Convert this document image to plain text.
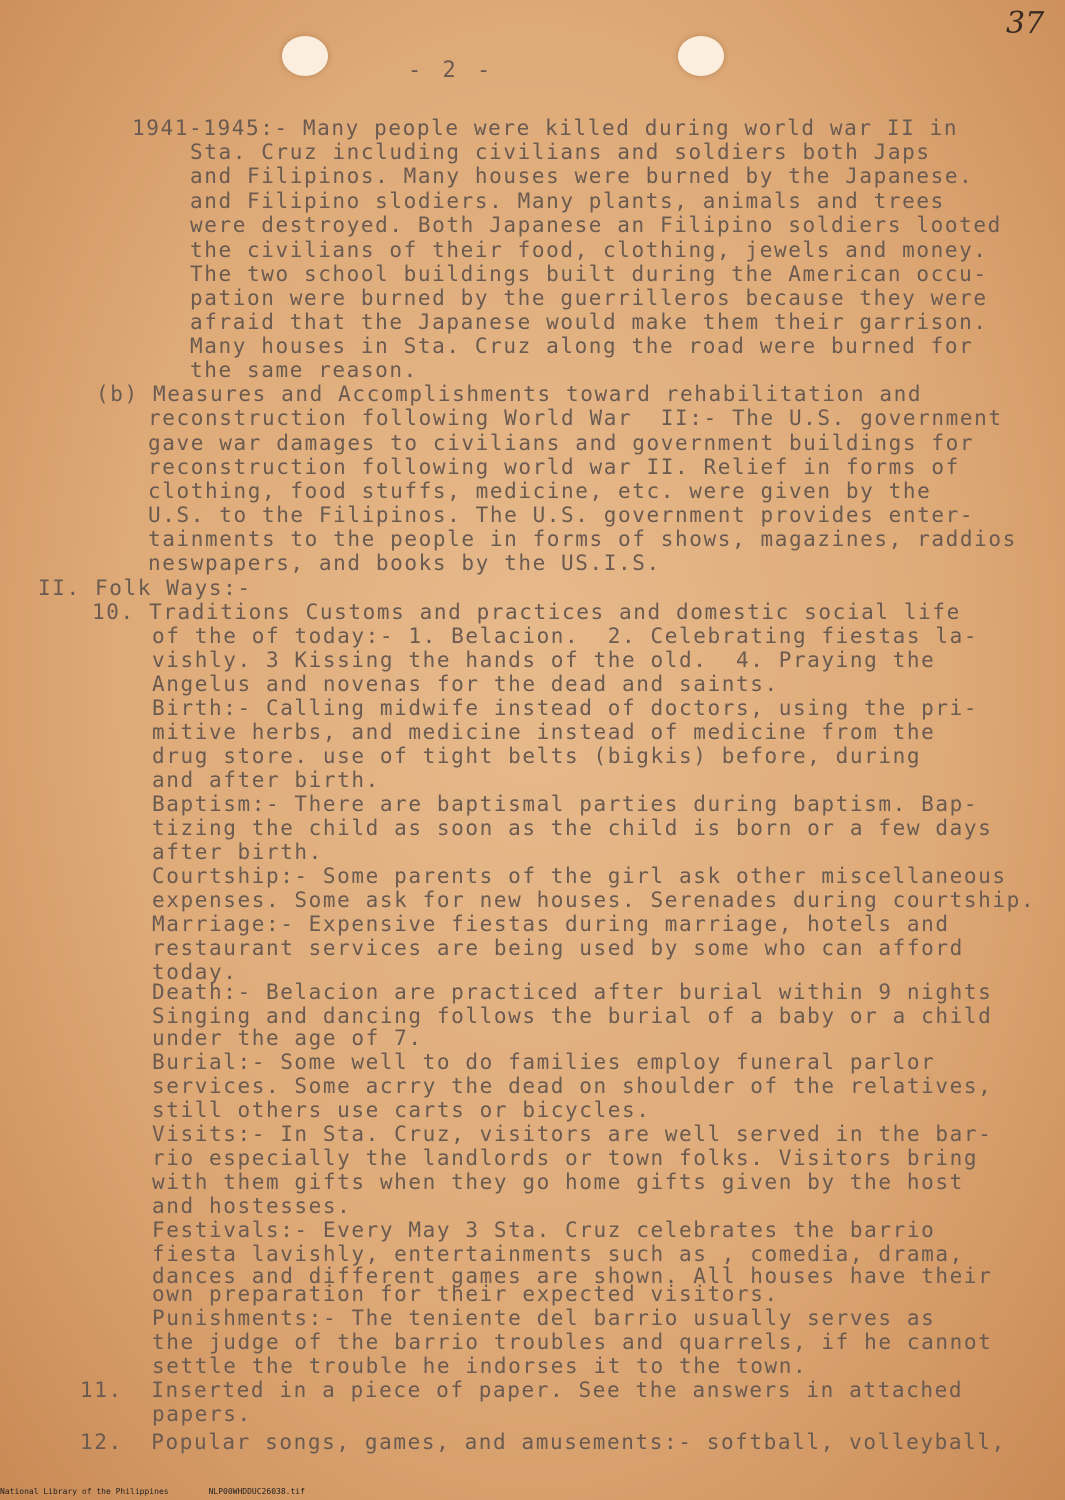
37
- 2 -
1941-1945:- Many people were killed during world war II in
Sta. Cruz including civilians and soldiers both Japs
and Filipinos. Many houses were burned by the Japanese.
and Filipino slodiers. Many plants, animals and trees
were destroyed. Both Japanese an Filipino soldiers looted
the civilians of their food, clothing, jewels and money.
The two school buildings built during the American occu-
pation were burned by the guerrilleros because they were
afraid that the Japanese would make them their garrison.
Many houses in Sta. Cruz along the road were burned for
the same reason.
(b) Measures and Accomplishments toward rehabilitation and
reconstruction following World War  II:- The U.S. government
gave war damages to civilians and government buildings for
reconstruction following world war II. Relief in forms of
clothing, food stuffs, medicine, etc. were given by the
U.S. to the Filipinos. The U.S. government provides enter-
tainments to the people in forms of shows, magazines, raddios
neswpapers, and books by the US.I.S.
II. Folk Ways:-
10. Traditions Customs and practices and domestic social life
of the of today:- 1. Belacion.  2. Celebrating fiestas la-
vishly. 3 Kissing the hands of the old.  4. Praying the
Angelus and novenas for the dead and saints.
Birth:- Calling midwife instead of doctors, using the pri-
mitive herbs, and medicine instead of medicine from the
drug store. use of tight belts (bigkis) before, during
and after birth.
Baptism:- There are baptismal parties during baptism. Bap-
tizing the child as soon as the child is born or a few days
after birth.
Courtship:- Some parents of the girl ask other miscellaneous
expenses. Some ask for new houses. Serenades during courtship.
Marriage:- Expensive fiestas during marriage, hotels and
restaurant services are being used by some who can afford
today.
Death:- Belacion are practiced after burial within 9 nights
Singing and dancing follows the burial of a baby or a child
under the age of 7.
Burial:- Some well to do families employ funeral parlor
services. Some acrry the dead on shoulder of the relatives,
still others use carts or bicycles.
Visits:- In Sta. Cruz, visitors are well served in the bar-
rio especially the landlords or town folks. Visitors bring
with them gifts when they go home gifts given by the host
and hostesses.
Festivals:- Every May 3 Sta. Cruz celebrates the barrio
fiesta lavishly, entertainments such as , comedia, drama,
dances and different games are shown. All houses have their
own preparation for their expected visitors.
Punishments:- The teniente del barrio usually serves as
the judge of the barrio troubles and quarrels, if he cannot
settle the trouble he indorses it to the town.
11.  Inserted in a piece of paper. See the answers in attached
papers.
12.  Popular songs, games, and amusements:- softball, volleyball,
National Library of the Philippines	NLP00WHDDUC26038.tif
